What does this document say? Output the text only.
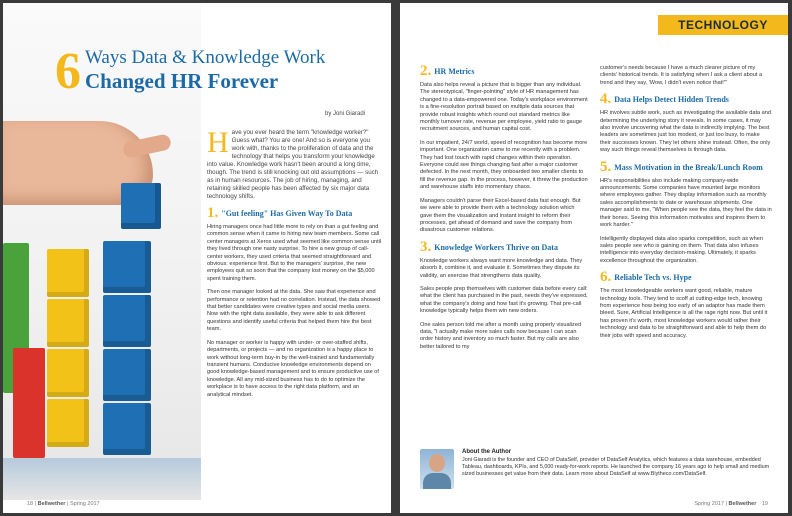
6 Ways Data & Knowledge Work
Changed HR Forever
by Joni Giaradi

Have you ever heard the term "knowledge worker?" Guess what? You are one! And so is everyone you work with, thanks to the proliferation of data and the technology that helps you transform your knowledge into value. Knowledge work hasn't been around a long time, though. The trend is still knocking out old assumptions — such as in human resources. The job of hiring, managing, and retaining skilled people has been affected by six major data technology shifts.

1. "Gut feeling" Has Given Way To Data

Hiring managers once had little more to rely on than a gut feeling and common sense when it came to hiring new team members. Some call center managers at Xerox used what seemed like common sense until they lived through one nasty surprise. To hire a new group of call-center workers, they used criteria that seemed straightforward and obvious: experience first. But to the managers' surprise, the new employees quit so soon that the company lost money on the $5,000 spent training them.

Then one manager looked at the data. She saw that experience and performance or retention had no correlation. Instead, the data showed that better candidates were creative types and social media users. Now with the right data available, they were able to ask different questions and identify useful criteria that helped them hire the best team.

No manager or worker is happy with under- or over-staffed shifts, departments, or projects — and no organization is a happy place to work without long-term buy-in by the well-trained and fundamentally transient humans. Conducive knowledge environments depend on good knowledge-based management and to ensure productive use of knowledge. All any mid-sized business has to do to optimize the workplace is to have access to the right data platform, and an analytical mindset.

18 | Bellwether | Spring 2017
TECHNOLOGY
2. HR Metrics

Data also helps reveal a picture that is bigger than any individual. The stereotypical, "finger-pointing" style of HR management has changed to a data-empowered one. Today's workplace environment is a fine-resolution portrait based on multiple data sources that provide robust insights which round out standard metrics like monthly turnover rate, revenue per employee, yield ratio to gauge recruitment sources, and human capital cost.

In our impatient, 24/7 world, speed of recognition has become more important. One organization came to me recently with a problem. They had lost touch with rapid changes within their operation. Everyone could see things changing fast after a major customer defected. In the next month, they onboarded two smaller clients to fill the revenue gap. In the process, however, it threw the production and warehouse staffs into momentary chaos.

Managers couldn't parse their Excel-based data fast enough. But we were able to provide them with a technology solution which gave them the visualization and instant insight to reform their processes, get ahead of demand and save the company from disastrous customer relations.

3. Knowledge Workers Thrive on Data

Knowledge workers always want more knowledge and data. They absorb it, combine it, and evaluate it. Sometimes they dispute its validity, an exercise that strengthens data quality.

Sales people prep themselves with customer data before every call: what the client has purchased in the past, needs they've expressed, what the company's doing and how fast it's growing. That pre-call knowledge typically helps them win new orders.

One sales person told me after a month using properly visualized data, "I actually make more sales calls now because I can scan order history and inventory so much faster. But my calls are also better tailored to my

customer's needs because I have a much clearer picture of my clients' historical trends. It is satisfying when I ask a client about a trend and they say, 'Wow, I didn't even notice that!'"

4. Data Helps Detect Hidden Trends

HR involves subtle work, such as investigating the available data and determining the underlying story it reveals. In some cases, it may also involve uncovering what the data is indirectly implying. The best leaders are sometimes just too modest, or just too busy, to make their successes known. They let others shine instead. Often, the only way such things reveal themselves is through data.

5. Mass Motivation in the Break/Lunch Room

HR's responsibilities also include making company-wide announcements. Some companies have mounted large monitors where employees gather. They display information such as monthly sales accomplishments to date or warehouse shipments. One manager said to me, "When people see the data, they feel the data in their bones. Seeing this information motivates and inspires them to work harder."

Intelligently displayed data also sparks competition, such as when sales people see who is gaining on them. That data also infuses intelligence into everyday decision-making. Ultimately, it sparks excellence throughout the organization.

6. Reliable Tech vs. Hype

The most knowledgeable workers want good, reliable, mature technology tools. They tend to scoff at cutting-edge tech, knowing from experience how being too early of an adaptor has made them bleed. Sure, Artificial Intelligence is all the rage right now. But until it has proven it's worth, most knowledge workers would rather their technology and data to be straightforward and able to help them do their jobs with speed and accuracy.

About the Author
Joni Giaradi is the founder and CEO of DataSelf, provider of DataSelf Analytics, which features a data warehouse, embedded Tableau, dashboards, KPIs, and 5,000 ready-for-work reports. He launched the company 16 years ago to help small and medium sized businesses get value from their data. Learn more about DataSelf at www.Blytheco.com/DataSelf.
Spring 2017 | Bellwether 19
